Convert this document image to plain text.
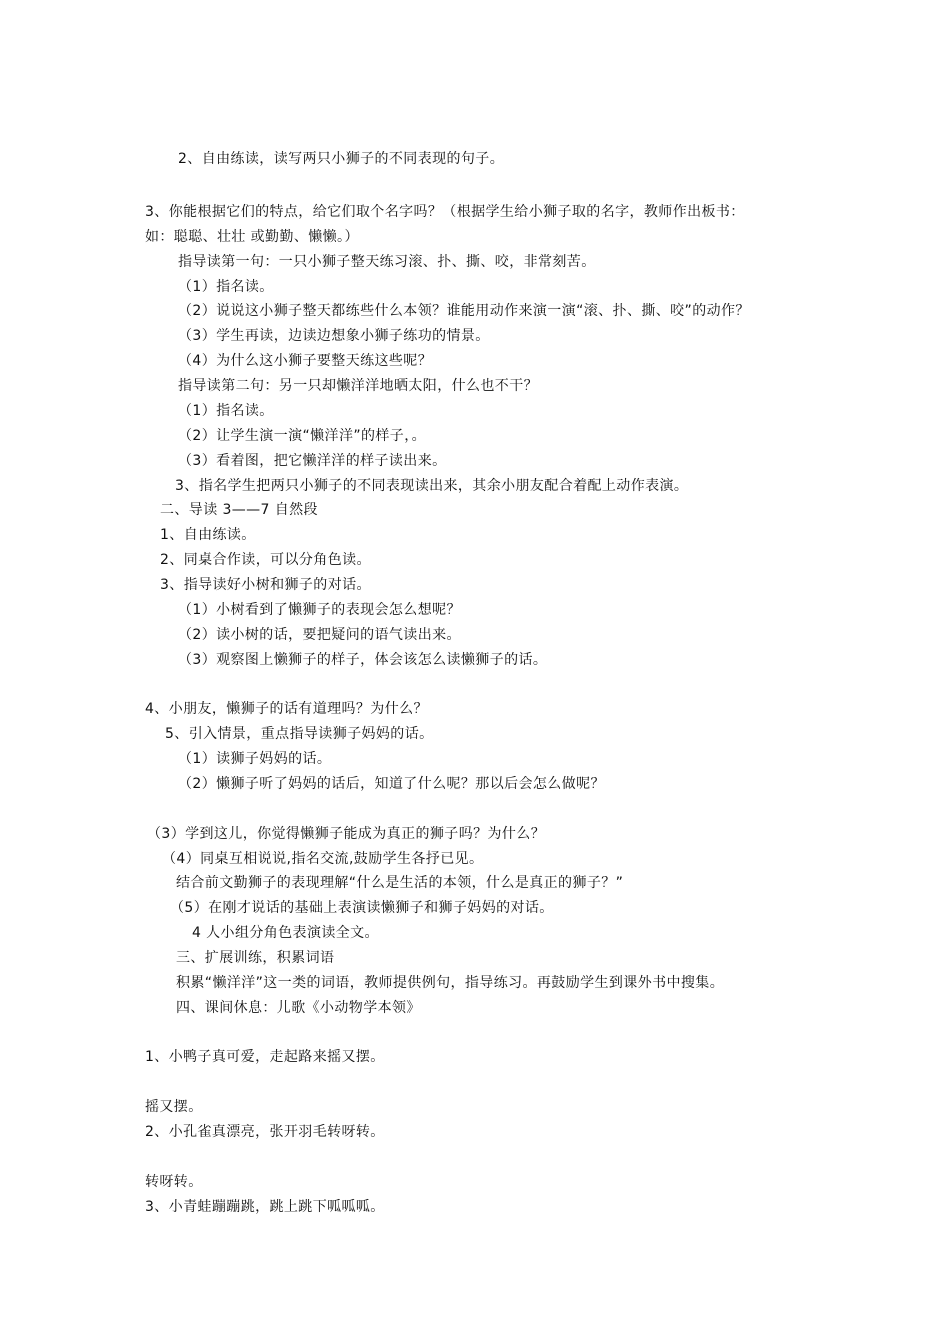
2、自由练读，读写两只小狮子的不同表现的句子。
3、你能根据它们的特点，给它们取个名字吗？（根据学生给小狮子取的名字，教师作出板书：
如：聪聪、壮壮 或勤勤、懒懒。）
指导读第一句：一只小狮子整天练习滚、扑、撕、咬，非常刻苦。
（1）指名读。
（2）说说这小狮子整天都练些什么本领？谁能用动作来演一演“滚、扑、撕、咬”的动作？
（3）学生再读，边读边想象小狮子练功的情景。
（4）为什么这小狮子要整天练这些呢？
指导读第二句：另一只却懒洋洋地晒太阳，什么也不干？
（1）指名读。
（2）让学生演一演“懒洋洋”的样子，。
（3）看着图，把它懒洋洋的样子读出来。
3、指名学生把两只小狮子的不同表现读出来，其余小朋友配合着配上动作表演。
二、导读 3——7 自然段
1、自由练读。
2、同桌合作读，可以分角色读。
3、指导读好小树和狮子的对话。
（1）小树看到了懒狮子的表现会怎么想呢？
（2）读小树的话，要把疑问的语气读出来。
（3）观察图上懒狮子的样子，体会该怎么读懒狮子的话。
4、小朋友，懒狮子的话有道理吗？为什么？
5、引入情景，重点指导读狮子妈妈的话。
（1）读狮子妈妈的话。
（2）懒狮子听了妈妈的话后，知道了什么呢？那以后会怎么做呢？
（3）学到这儿，你觉得懒狮子能成为真正的狮子吗？为什么？
（4）同桌互相说说,指名交流,鼓励学生各抒已见。
结合前文勤狮子的表现理解“什么是生活的本领，什么是真正的狮子？”
（5）在刚才说话的基础上表演读懒狮子和狮子妈妈的对话。
4 人小组分角色表演读全文。
三、扩展训练，积累词语
积累“懒洋洋”这一类的词语，教师提供例句，指导练习。再鼓励学生到课外书中搜集。
四、课间休息：儿歌《小动物学本领》
1、小鸭子真可爱，走起路来摇又摆。
摇又摆。
2、小孔雀真漂亮，张开羽毛转呀转。
转呀转。
3、小青蛙蹦蹦跳，跳上跳下呱呱呱。
